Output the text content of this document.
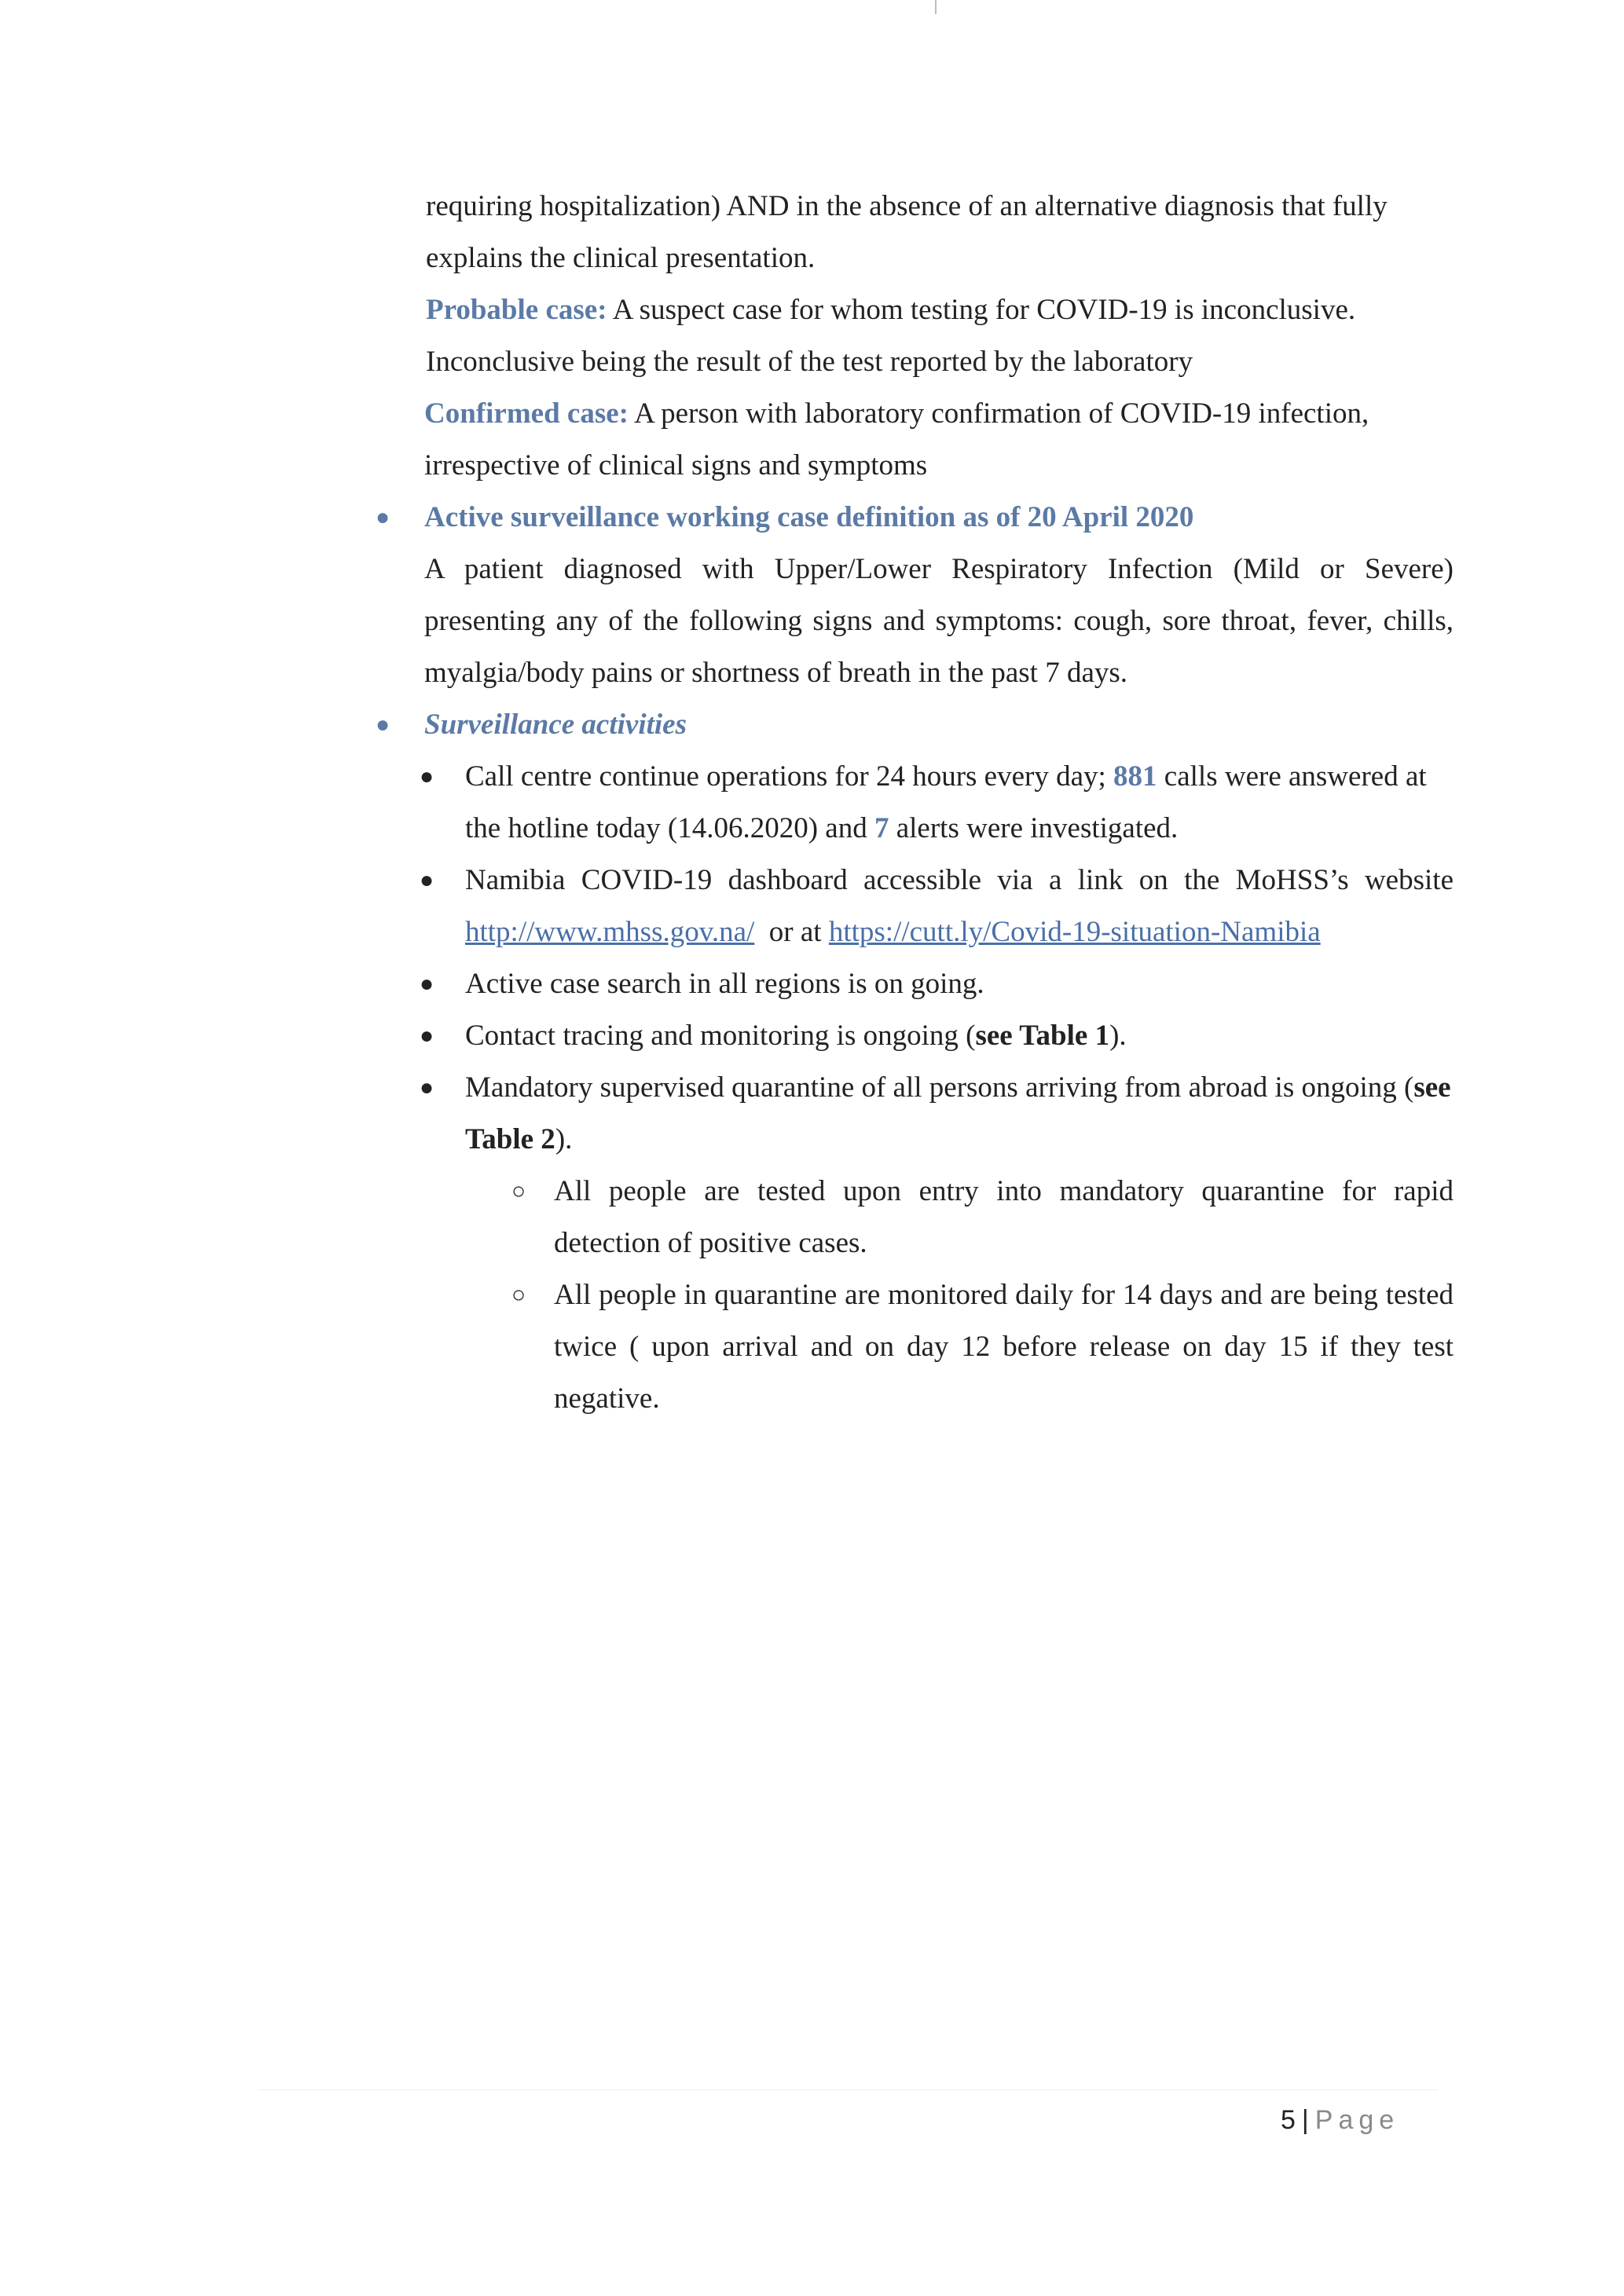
requiring hospitalization) AND in the absence of an alternative diagnosis that fully

explains the clinical presentation.

Probable case: A suspect case for whom testing for COVID-19 is inconclusive. Inconclusive being the result of the test reported by the laboratory

Confirmed case: A person with laboratory confirmation of COVID-19 infection, irrespective of clinical signs and symptoms

● Active surveillance working case definition as of 20 April 2020

A patient diagnosed with Upper/Lower Respiratory Infection (Mild or Severe) presenting any of the following signs and symptoms: cough, sore throat, fever, chills, myalgia/body pains or shortness of breath in the past 7 days.

● Surveillance activities

● Call centre continue operations for 24 hours every day; 881 calls were answered at the hotline today (14.06.2020) and 7 alerts were investigated.

● Namibia COVID-19 dashboard accessible via a link on the MoHSS’s website http://www.mhss.gov.na/  or at https://cutt.ly/Covid-19-situation-Namibia

● Active case search in all regions is on going.

● Contact tracing and monitoring is ongoing (see Table 1).

● Mandatory supervised quarantine of all persons arriving from abroad is ongoing (see Table 2).

○ All people are tested upon entry into mandatory quarantine for rapid detection of positive cases.

○ All people in quarantine are monitored daily for 14 days and are being tested twice ( upon arrival and on day 12 before release on day 15 if they test negative.

5 | Page
